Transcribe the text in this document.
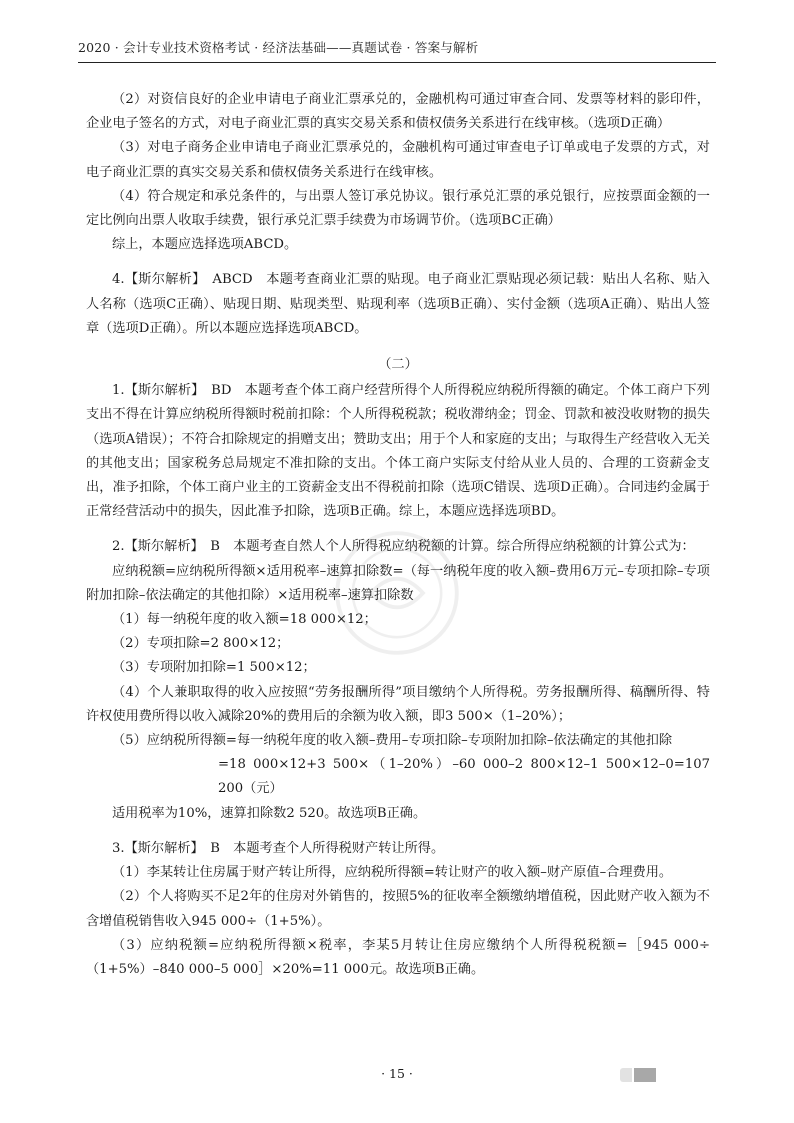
2020 · 会计专业技术资格考试 · 经济法基础——真题试卷 · 答案与解析

（2）对资信良好的企业申请电子商业汇票承兑的，金融机构可通过审查合同、发票等材料的影印件，企业电子签名的方式，对电子商业汇票的真实交易关系和债权债务关系进行在线审核。（选项D正确）

（3）对电子商务企业申请电子商业汇票承兑的，金融机构可通过审查电子订单或电子发票的方式，对电子商业汇票的真实交易关系和债权债务关系进行在线审核。

（4）符合规定和承兑条件的，与出票人签订承兑协议。银行承兑汇票的承兑银行，应按票面金额的一定比例向出票人收取手续费，银行承兑汇票手续费为市场调节价。（选项BC正确）

综上，本题应选择选项ABCD。

4.【斯尔解析】　ABCD　本题考查商业汇票的贴现。电子商业汇票贴现必须记载：贴出人名称、贴入人名称（选项C正确）、贴现日期、贴现类型、贴现利率（选项B正确）、实付金额（选项A正确）、贴出人签章（选项D正确）。所以本题应选择选项ABCD。

（二）

1.【斯尔解析】　BD　本题考查个体工商户经营所得个人所得税应纳税所得额的确定。个体工商户下列支出不得在计算应纳税所得额时税前扣除：个人所得税税款；税收滞纳金；罚金、罚款和被没收财物的损失（选项A错误）；不符合扣除规定的捐赠支出；赞助支出；用于个人和家庭的支出；与取得生产经营收入无关的其他支出；国家税务总局规定不准扣除的支出。个体工商户实际支付给从业人员的、合理的工资薪金支出，准予扣除，个体工商户业主的工资薪金支出不得税前扣除（选项C错误、选项D正确）。合同违约金属于正常经营活动中的损失，因此准予扣除，选项B正确。综上，本题应选择选项BD。

2.【斯尔解析】　B　本题考查自然人个人所得税应纳税额的计算。综合所得应纳税额的计算公式为：

应纳税额=应纳税所得额×适用税率–速算扣除数=（每一纳税年度的收入额–费用6万元–专项扣除–专项附加扣除–依法确定的其他扣除）×适用税率–速算扣除数

（1）每一纳税年度的收入额=18 000×12；

（2）专项扣除=2 800×12；

（3）专项附加扣除=1 500×12；

（4）个人兼职取得的收入应按照“劳务报酬所得”项目缴纳个人所得税。劳务报酬所得、稿酬所得、特许权使用费所得以收入减除20%的费用后的余额为收入额，即3 500×（1–20%）；

（5）应纳税所得额=每一纳税年度的收入额–费用–专项扣除–专项附加扣除–依法确定的其他扣除

=18 000×12+3 500×（1–20%）–60 000–2 800×12–1 500×12–0=107 200（元）

适用税率为10%，速算扣除数2 520。故选项B正确。

3.【斯尔解析】　B　本题考查个人所得税财产转让所得。

（1）李某转让住房属于财产转让所得，应纳税所得额=转让财产的收入额–财产原值–合理费用。

（2）个人将购买不足2年的住房对外销售的，按照5%的征收率全额缴纳增值税，因此财产收入额为不含增值税销售收入945 000÷（1+5%）。

（3）应纳税额=应纳税所得额×税率，李某5月转让住房应缴纳个人所得税税额=［945 000÷（1+5%）–840 000–5 000］×20%=11 000元。故选项B正确。

· 15 ·
